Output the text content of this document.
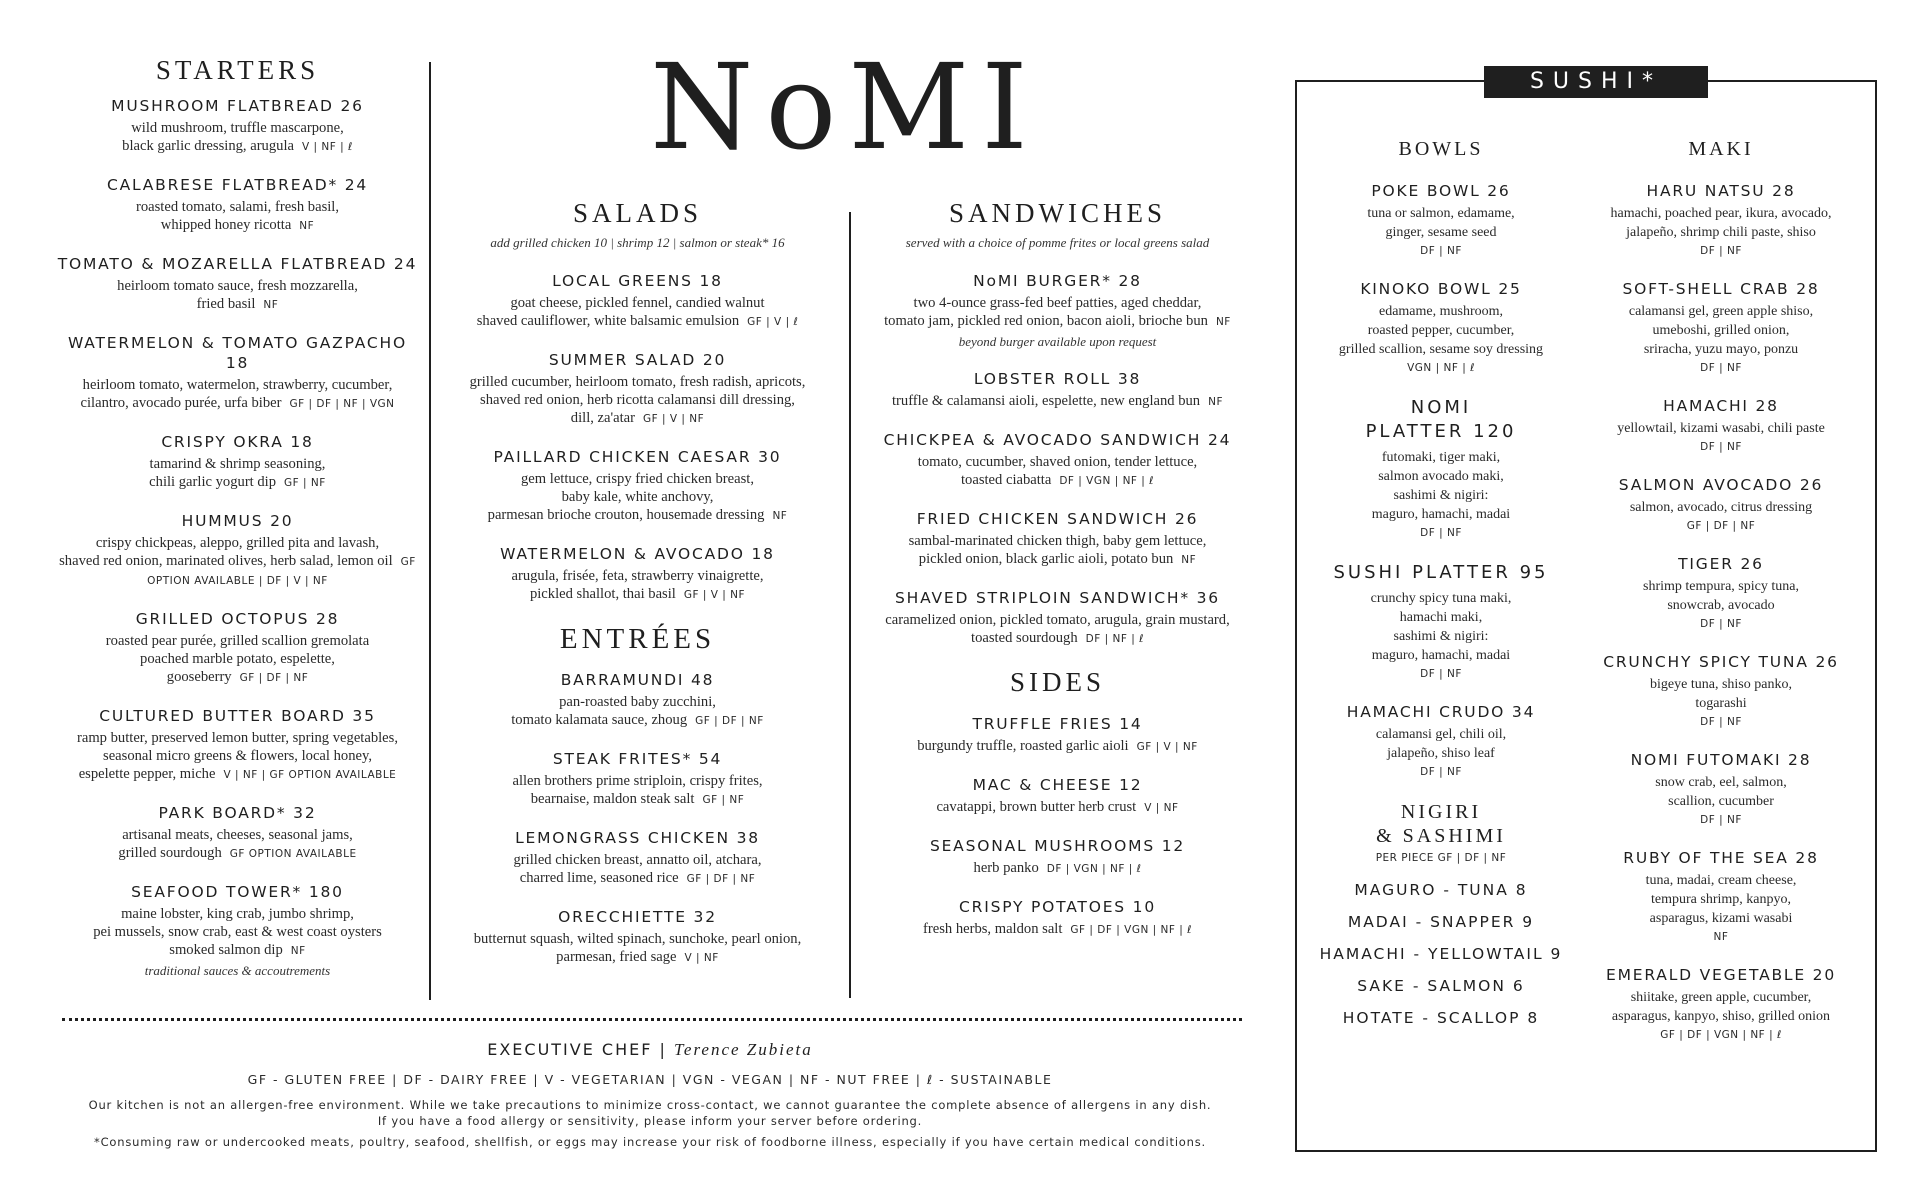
NoMI
STARTERS
MUSHROOM FLATBREAD 26
wild mushroom, truffle mascarpone,
black garlic dressing, arugula V | NF | ℓ
CALABRESE FLATBREAD* 24
roasted tomato, salami, fresh basil,
whipped honey ricotta NF
TOMATO & MOZARELLA FLATBREAD 24
heirloom tomato sauce, fresh mozzarella,
fried basil NF
WATERMELON & TOMATO GAZPACHO 18
heirloom tomato, watermelon, strawberry, cucumber,
cilantro, avocado purée, urfa biber GF | DF | NF | VGN
CRISPY OKRA 18
tamarind & shrimp seasoning,
chili garlic yogurt dip GF | NF
HUMMUS 20
crispy chickpeas, aleppo, grilled pita and lavash,
shaved red onion, marinated olives, herb salad, lemon oil GF OPTION AVAILABLE | DF | V | NF
GRILLED OCTOPUS 28
roasted pear purée, grilled scallion gremolata
poached marble potato, espelette,
gooseberry GF | DF | NF
CULTURED BUTTER BOARD 35
ramp butter, preserved lemon butter, spring vegetables,
seasonal micro greens & flowers, local honey,
espelette pepper, miche V | NF | GF OPTION AVAILABLE
PARK BOARD* 32
artisanal meats, cheeses, seasonal jams,
grilled sourdough GF OPTION AVAILABLE
SEAFOOD TOWER* 180
maine lobster, king crab, jumbo shrimp,
pei mussels, snow crab, east & west coast oysters
smoked salmon dip NF
traditional sauces & accoutrements
SALADS
add grilled chicken 10 | shrimp 12 | salmon or steak* 16
LOCAL GREENS 18
goat cheese, pickled fennel, candied walnut
shaved cauliflower, white balsamic emulsion GF | V | ℓ
SUMMER SALAD 20
grilled cucumber, heirloom tomato, fresh radish, apricots,
shaved red onion, herb ricotta calamansi dill dressing,
dill, za'atar GF | V | NF
PAILLARD CHICKEN CAESAR 30
gem lettuce, crispy fried chicken breast,
baby kale, white anchovy,
parmesan brioche crouton, housemade dressing NF
WATERMELON & AVOCADO 18
arugula, frisée, feta, strawberry vinaigrette,
pickled shallot, thai basil GF | V | NF
ENTRÉES
BARRAMUNDI 48
pan-roasted baby zucchini,
tomato kalamata sauce, zhoug GF | DF | NF
STEAK FRITES* 54
allen brothers prime striploin, crispy frites,
bearnaise, maldon steak salt GF | NF
LEMONGRASS CHICKEN 38
grilled chicken breast, annatto oil, atchara,
charred lime, seasoned rice GF | DF | NF
ORECCHIETTE 32
butternut squash, wilted spinach, sunchoke, pearl onion,
parmesan, fried sage V | NF
SANDWICHES
served with a choice of pomme frites or local greens salad
NoMI BURGER* 28
two 4-ounce grass-fed beef patties, aged cheddar,
tomato jam, pickled red onion, bacon aioli, brioche bun NF
beyond burger available upon request
LOBSTER ROLL 38
truffle & calamansi aioli, espelette, new england bun NF
CHICKPEA & AVOCADO SANDWICH 24
tomato, cucumber, shaved onion, tender lettuce,
toasted ciabatta DF | VGN | NF | ℓ
FRIED CHICKEN SANDWICH 26
sambal-marinated chicken thigh, baby gem lettuce,
pickled onion, black garlic aioli, potato bun NF
SHAVED STRIPLOIN SANDWICH* 36
caramelized onion, pickled tomato, arugula, grain mustard,
toasted sourdough DF | NF | ℓ
SIDES
TRUFFLE FRIES 14
burgundy truffle, roasted garlic aioli GF | V | NF
MAC & CHEESE 12
cavatappi, brown butter herb crust V | NF
SEASONAL MUSHROOMS 12
herb panko DF | VGN | NF | ℓ
CRISPY POTATOES 10
fresh herbs, maldon salt GF | DF | VGN | NF | ℓ
SUSHI*
BOWLS
POKE BOWL 26
tuna or salmon, edamame,
ginger, sesame seed
DF | NF
KINOKO BOWL 25
edamame, mushroom,
roasted pepper, cucumber,
grilled scallion, sesame soy dressing
VGN | NF | ℓ
NOMI
PLATTER 120
futomaki, tiger maki,
salmon avocado maki,
sashimi & nigiri:
maguro, hamachi, madai
DF | NF
SUSHI PLATTER 95
crunchy spicy tuna maki,
hamachi maki,
sashimi & nigiri:
maguro, hamachi, madai
DF | NF
HAMACHI CRUDO 34
calamansi gel, chili oil,
jalapeño, shiso leaf
DF | NF
NIGIRI
& SASHIMI
PER PIECE GF | DF | NF
MAGURO - TUNA 8
MADAI - SNAPPER 9
HAMACHI - YELLOWTAIL 9
SAKE - SALMON 6
HOTATE - SCALLOP 8
MAKI
HARU NATSU 28
hamachi, poached pear, ikura, avocado,
jalapeño, shrimp chili paste, shiso
DF | NF
SOFT-SHELL CRAB 28
calamansi gel, green apple shiso,
umeboshi, grilled onion,
sriracha, yuzu mayo, ponzu
DF | NF
HAMACHI 28
yellowtail, kizami wasabi, chili paste
DF | NF
SALMON AVOCADO 26
salmon, avocado, citrus dressing
GF | DF | NF
TIGER 26
shrimp tempura, spicy tuna,
snowcrab, avocado
DF | NF
CRUNCHY SPICY TUNA 26
bigeye tuna, shiso panko,
togarashi
DF | NF
NOMI FUTOMAKI 28
snow crab, eel, salmon,
scallion, cucumber
DF | NF
RUBY OF THE SEA 28
tuna, madai, cream cheese,
tempura shrimp, kanpyo,
asparagus, kizami wasabi
NF
EMERALD VEGETABLE 20
shiitake, green apple, cucumber,
asparagus, kanpyo, shiso, grilled onion
GF | DF | VGN | NF | ℓ
EXECUTIVE CHEF | Terence Zubieta
GF - GLUTEN FREE | DF - DAIRY FREE | V - VEGETARIAN | VGN - VEGAN | NF - NUT FREE | ℓ - SUSTAINABLE
Our kitchen is not an allergen-free environment. While we take precautions to minimize cross-contact, we cannot guarantee the complete absence of allergens in any dish.
If you have a food allergy or sensitivity, please inform your server before ordering.
*Consuming raw or undercooked meats, poultry, seafood, shellfish, or eggs may increase your risk of foodborne illness, especially if you have certain medical conditions.
